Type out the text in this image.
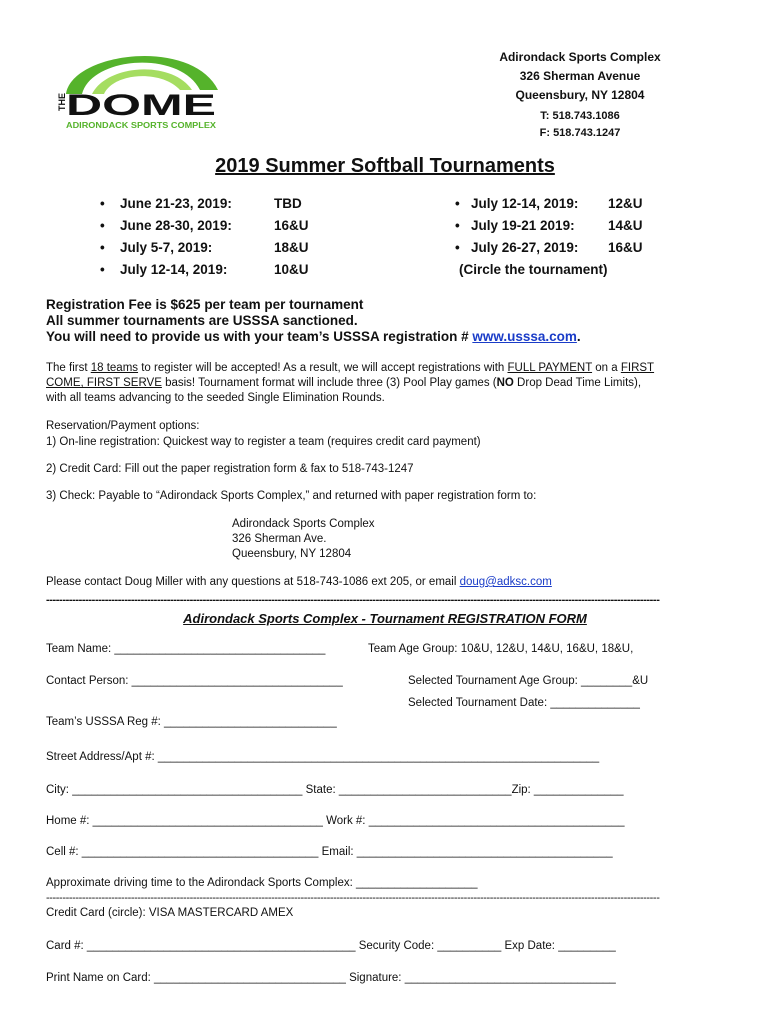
THE DOME
ADIRONDACK SPORTS COMPLEX
Adirondack Sports Complex
326 Sherman Avenue
Queensbury, NY 12804
T: 518.743.1086
F: 518.743.1247
2019 Summer Softball Tournaments
• June 21-23, 2019:	TBD
• June 28-30, 2019:	16&U
• July 5-7, 2019:	18&U
• July 12-14, 2019:	10&U
• July 12-14, 2019: 12&U
• July 19-21 2019: 14&U
• July 26-27, 2019: 16&U
(Circle the tournament)
Registration Fee is $625 per team per tournament
All summer tournaments are USSSA sanctioned.
You will need to provide us with your team’s USSSA registration # www.usssa.com.
The first 18 teams to register will be accepted! As a result, we will accept registrations with FULL PAYMENT on a FIRST
COME, FIRST SERVE basis! Tournament format will include three (3) Pool Play games (NO Drop Dead Time Limits),
with all teams advancing to the seeded Single Elimination Rounds.
Reservation/Payment options:
1) On-line registration: Quickest way to register a team (requires credit card payment)
2) Credit Card: Fill out the paper registration form & fax to 518-743-1247
3) Check: Payable to “Adirondack Sports Complex,” and returned with paper registration form to:
Adirondack Sports Complex
326 Sherman Ave.
Queensbury, NY 12804
Please contact Doug Miller with any questions at 518-743-1086 ext 205, or email doug@adksc.com
--------------------------------------------------------------------------------------------------------------------------------------------------------------------------------------------
Adirondack Sports Complex - Tournament REGISTRATION FORM
Team Name: _________________________________	Team Age Group: 10&U, 12&U, 14&U, 16&U, 18&U,
Contact Person: _________________________________	Selected Tournament Age Group: ________&U
Selected Tournament Date: ______________
Team’s USSSA Reg #: ___________________________
Street Address/Apt #: _____________________________________________________________________
City: ____________________________________ State: ___________________________Zip: ______________
Home #: ____________________________________ Work #: ________________________________________
Cell #: _____________________________________ Email: ________________________________________
Approximate driving time to the Adirondack Sports Complex: ___________________
--------------------------------------------------------------------------------------------------------------------------------------------------------------------------------------------
Credit Card (circle): VISA MASTERCARD AMEX
Card #: __________________________________________ Security Code: __________ Exp Date: _________
Print Name on Card: ______________________________ Signature: _________________________________
